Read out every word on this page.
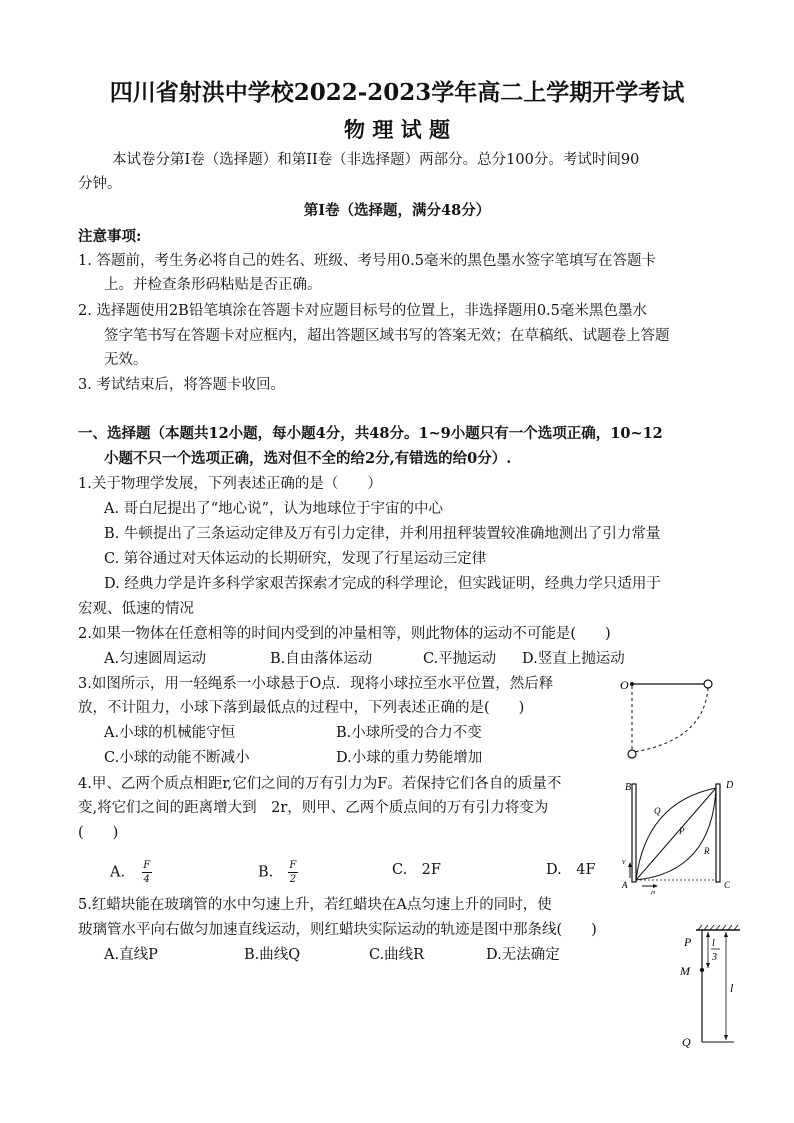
四川省射洪中学校2022-2023学年高二上学期开学考试
物 理 试 题
本试卷分第Ⅰ卷（选择题）和第II卷（非选择题）两部分。总分100分。考试时间90
分钟。
第Ⅰ卷（选择题，满分48分）
注意事项:
1. 答题前，考生务必将自己的姓名、班级、考号用0.5毫米的黑色墨水签字笔填写在答题卡
上。并检查条形码粘贴是否正确。
2. 选择题使用2B铅笔填涂在答题卡对应题目标号的位置上，非选择题用0.5毫米黑色墨水
签字笔书写在答题卡对应框内，超出答题区域书写的答案无效；在草稿纸、试题卷上答题
无效。
3. 考试结束后，将答题卡收回。
一、选择题（本题共12小题，每小题4分，共48分。1~9小题只有一个选项正确，10~12
小题不只一个选项正确，选对但不全的给2分,有错选的给0分）.
1.关于物理学发展，下列表述正确的是（　　）
A. 哥白尼提出了“地心说”，认为地球位于宇宙的中心
B. 牛顿提出了三条运动定律及万有引力定律，并利用扭秤装置较准确地测出了引力常量
C. 第谷通过对天体运动的长期研究，发现了行星运动三定律
D. 经典力学是许多科学家艰苦探索才完成的科学理论，但实践证明，经典力学只适用于
宏观、低速的情况
2.如果一物体在任意相等的时间内受到的冲量相等，则此物体的运动不可能是(　　)
A.匀速圆周运动	B.自由落体运动	C.平抛运动 D.竖直上抛运动
3.如图所示，用一轻绳系一小球悬于O点．现将小球拉至水平位置，然后释
放，不计阻力，小球下落到最低点的过程中，下列表述正确的是(　　)
A.小球的机械能守恒	B.小球所受的合力不变
C.小球的动能不断减小	D.小球的重力势能增加
O
4.甲、乙两个质点相距r,它们之间的万有引力为F。若保持它们各自的质量不
变,将它们之间的距离增大到　2r，则甲、乙两个质点间的万有引力将变为
(　　)
A. $\frac{F}{4}$	B. $\frac{F}{2}$	C.　2F	D.　4F
B	D
Q
P
R
v
A
a
C
5.红蜡块能在玻璃管的水中匀速上升，若红蜡块在A点匀速上升的同时，使
玻璃管水平向右做匀加速直线运动，则红蜡块实际运动的轨迹是图中那条线(　　)
A.直线P	B.曲线Q	C.曲线R	D.无法确定
P
M
Q
l
3
l
